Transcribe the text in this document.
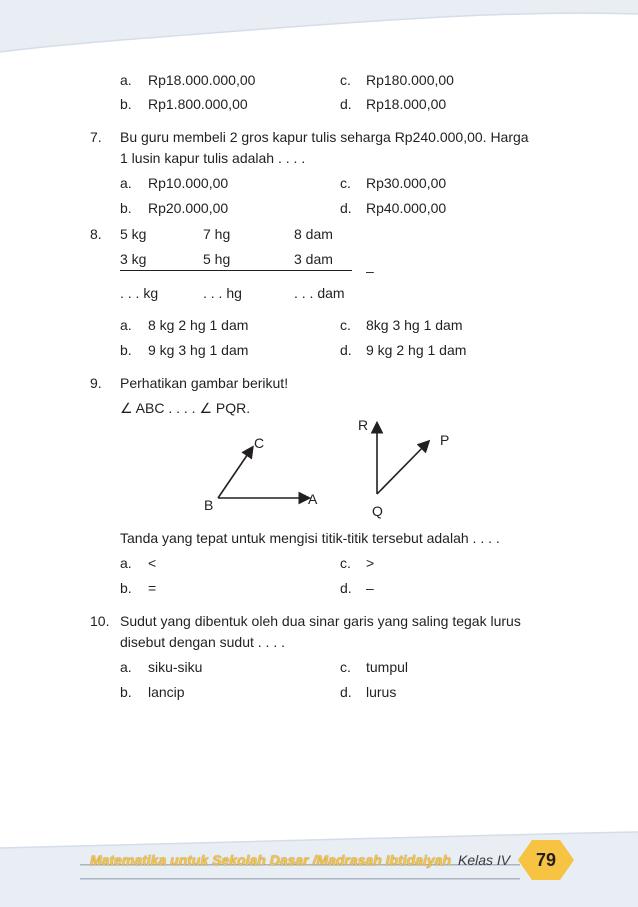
a. Rp18.000.000,00	c. Rp180.000,00
b. Rp1.800.000,00	d. Rp18.000,00
7. Bu guru membeli 2 gros kapur tulis seharga Rp240.000,00. Harga
1 lusin kapur tulis adalah . . . .
a. Rp10.000,00	c. Rp30.000,00
b. Rp20.000,00	d. Rp40.000,00
8. 5 kg	7 hg	8 dam
3 kg	5 hg	3 dam
–
. . . kg	. . . hg	. . . dam
a. 8 kg 2 hg 1 dam	c. 8kg 3 hg 1 dam
b. 9 kg 3 hg 1 dam	d. 9 kg 2 hg 1 dam
9. Perhatikan gambar berikut!
∠ ABC . . . . ∠ PQR.
C
B	A
R
P
Q
Tanda yang tepat untuk mengisi titik-titik tersebut adalah . . . .
a. <	c. >
b. =	d. –
10. Sudut yang dibentuk oleh dua sinar garis yang saling tegak lurus
disebut dengan sudut . . . .
a. siku-siku	c. tumpul
b. lancip	d. lurus
Matematika untuk Sekolah Dasar /Madrasah Ibtidaiyah Kelas IV	79
